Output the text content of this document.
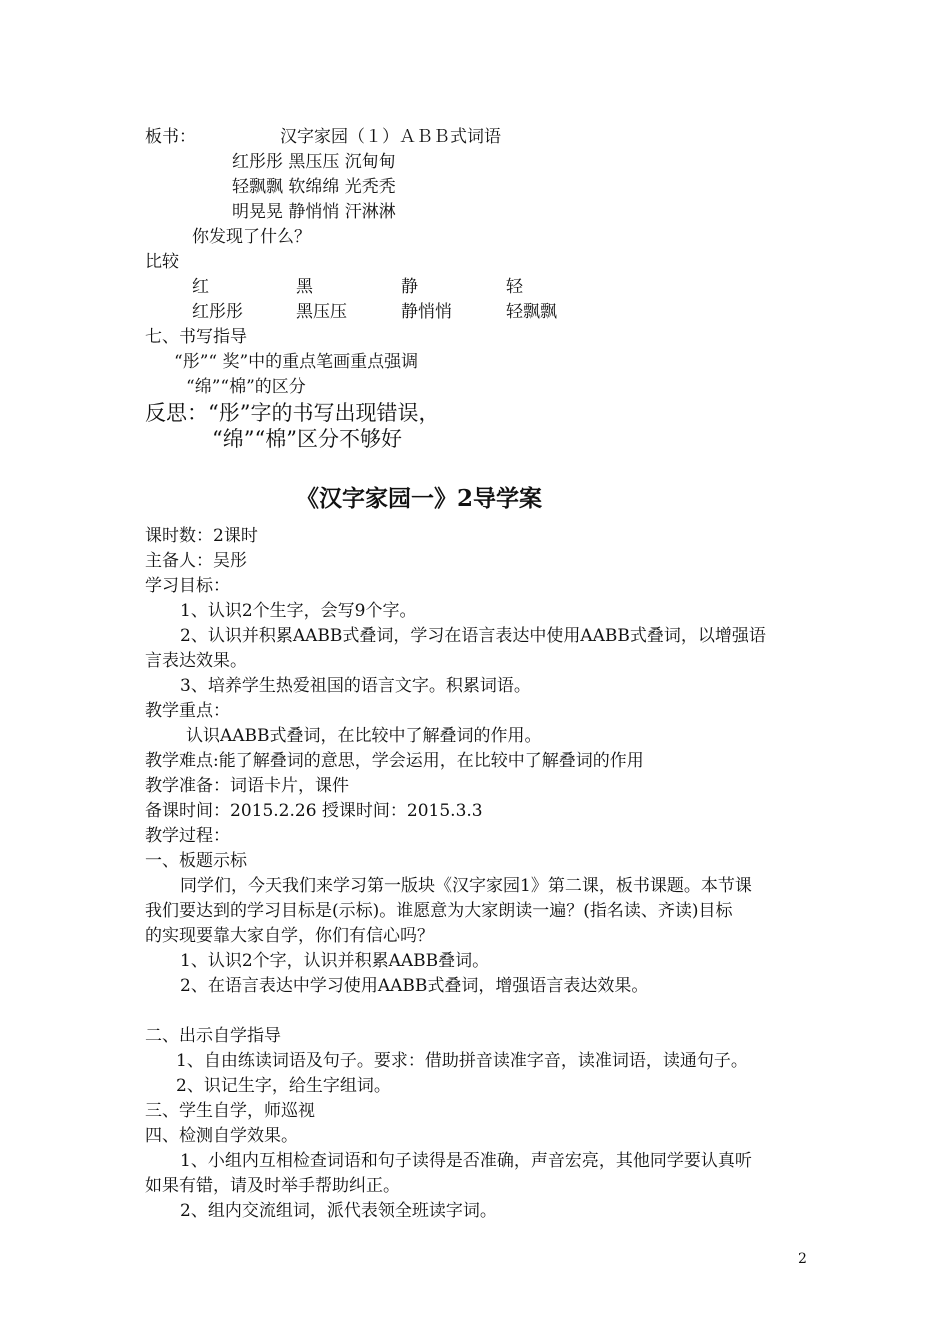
板书：	汉字家园（１）ＡＢＢ式词语
红彤彤 黑压压 沉甸甸
轻飘飘 软绵绵 光秃秃
明晃晃 静悄悄 汗淋淋
你发现了什么？
比较
红	黑	静	轻
红彤彤	黑压压	静悄悄	轻飘飘
七、书写指导
“彤”“ 奖”中的重点笔画重点强调
“绵”“棉”的区分
反思：“彤”字的书写出现错误，
“绵”“棉”区分不够好
《汉字家园一》2导学案
课时数：2课时
主备人：吴彤
学习目标：
1、认识2个生字，会写9个字。
2、认识并积累AABB式叠词，学习在语言表达中使用AABB式叠词，以增强语
言表达效果。
3、培养学生热爱祖国的语言文字。积累词语。
教学重点：
认识AABB式叠词，在比较中了解叠词的作用。
教学难点:能了解叠词的意思，学会运用，在比较中了解叠词的作用
教学准备：词语卡片，课件
备课时间：2015.2.26 授课时间：2015.3.3
教学过程：
一、板题示标
同学们，今天我们来学习第一版块《汉字家园1》第二课，板书课题。本节课
我们要达到的学习目标是(示标)。谁愿意为大家朗读一遍？(指名读、齐读)目标
的实现要靠大家自学，你们有信心吗？
1、认识2个字，认识并积累AABB叠词。
2、在语言表达中学习使用AABB式叠词，增强语言表达效果。
二、出示自学指导
1、自由练读词语及句子。要求：借助拼音读准字音，读准词语，读通句子。
2、识记生字，给生字组词。
三、学生自学，师巡视
四、检测自学效果。
1、小组内互相检查词语和句子读得是否准确，声音宏亮，其他同学要认真听
如果有错，请及时举手帮助纠正。
2、组内交流组词，派代表领全班读字词。
2
